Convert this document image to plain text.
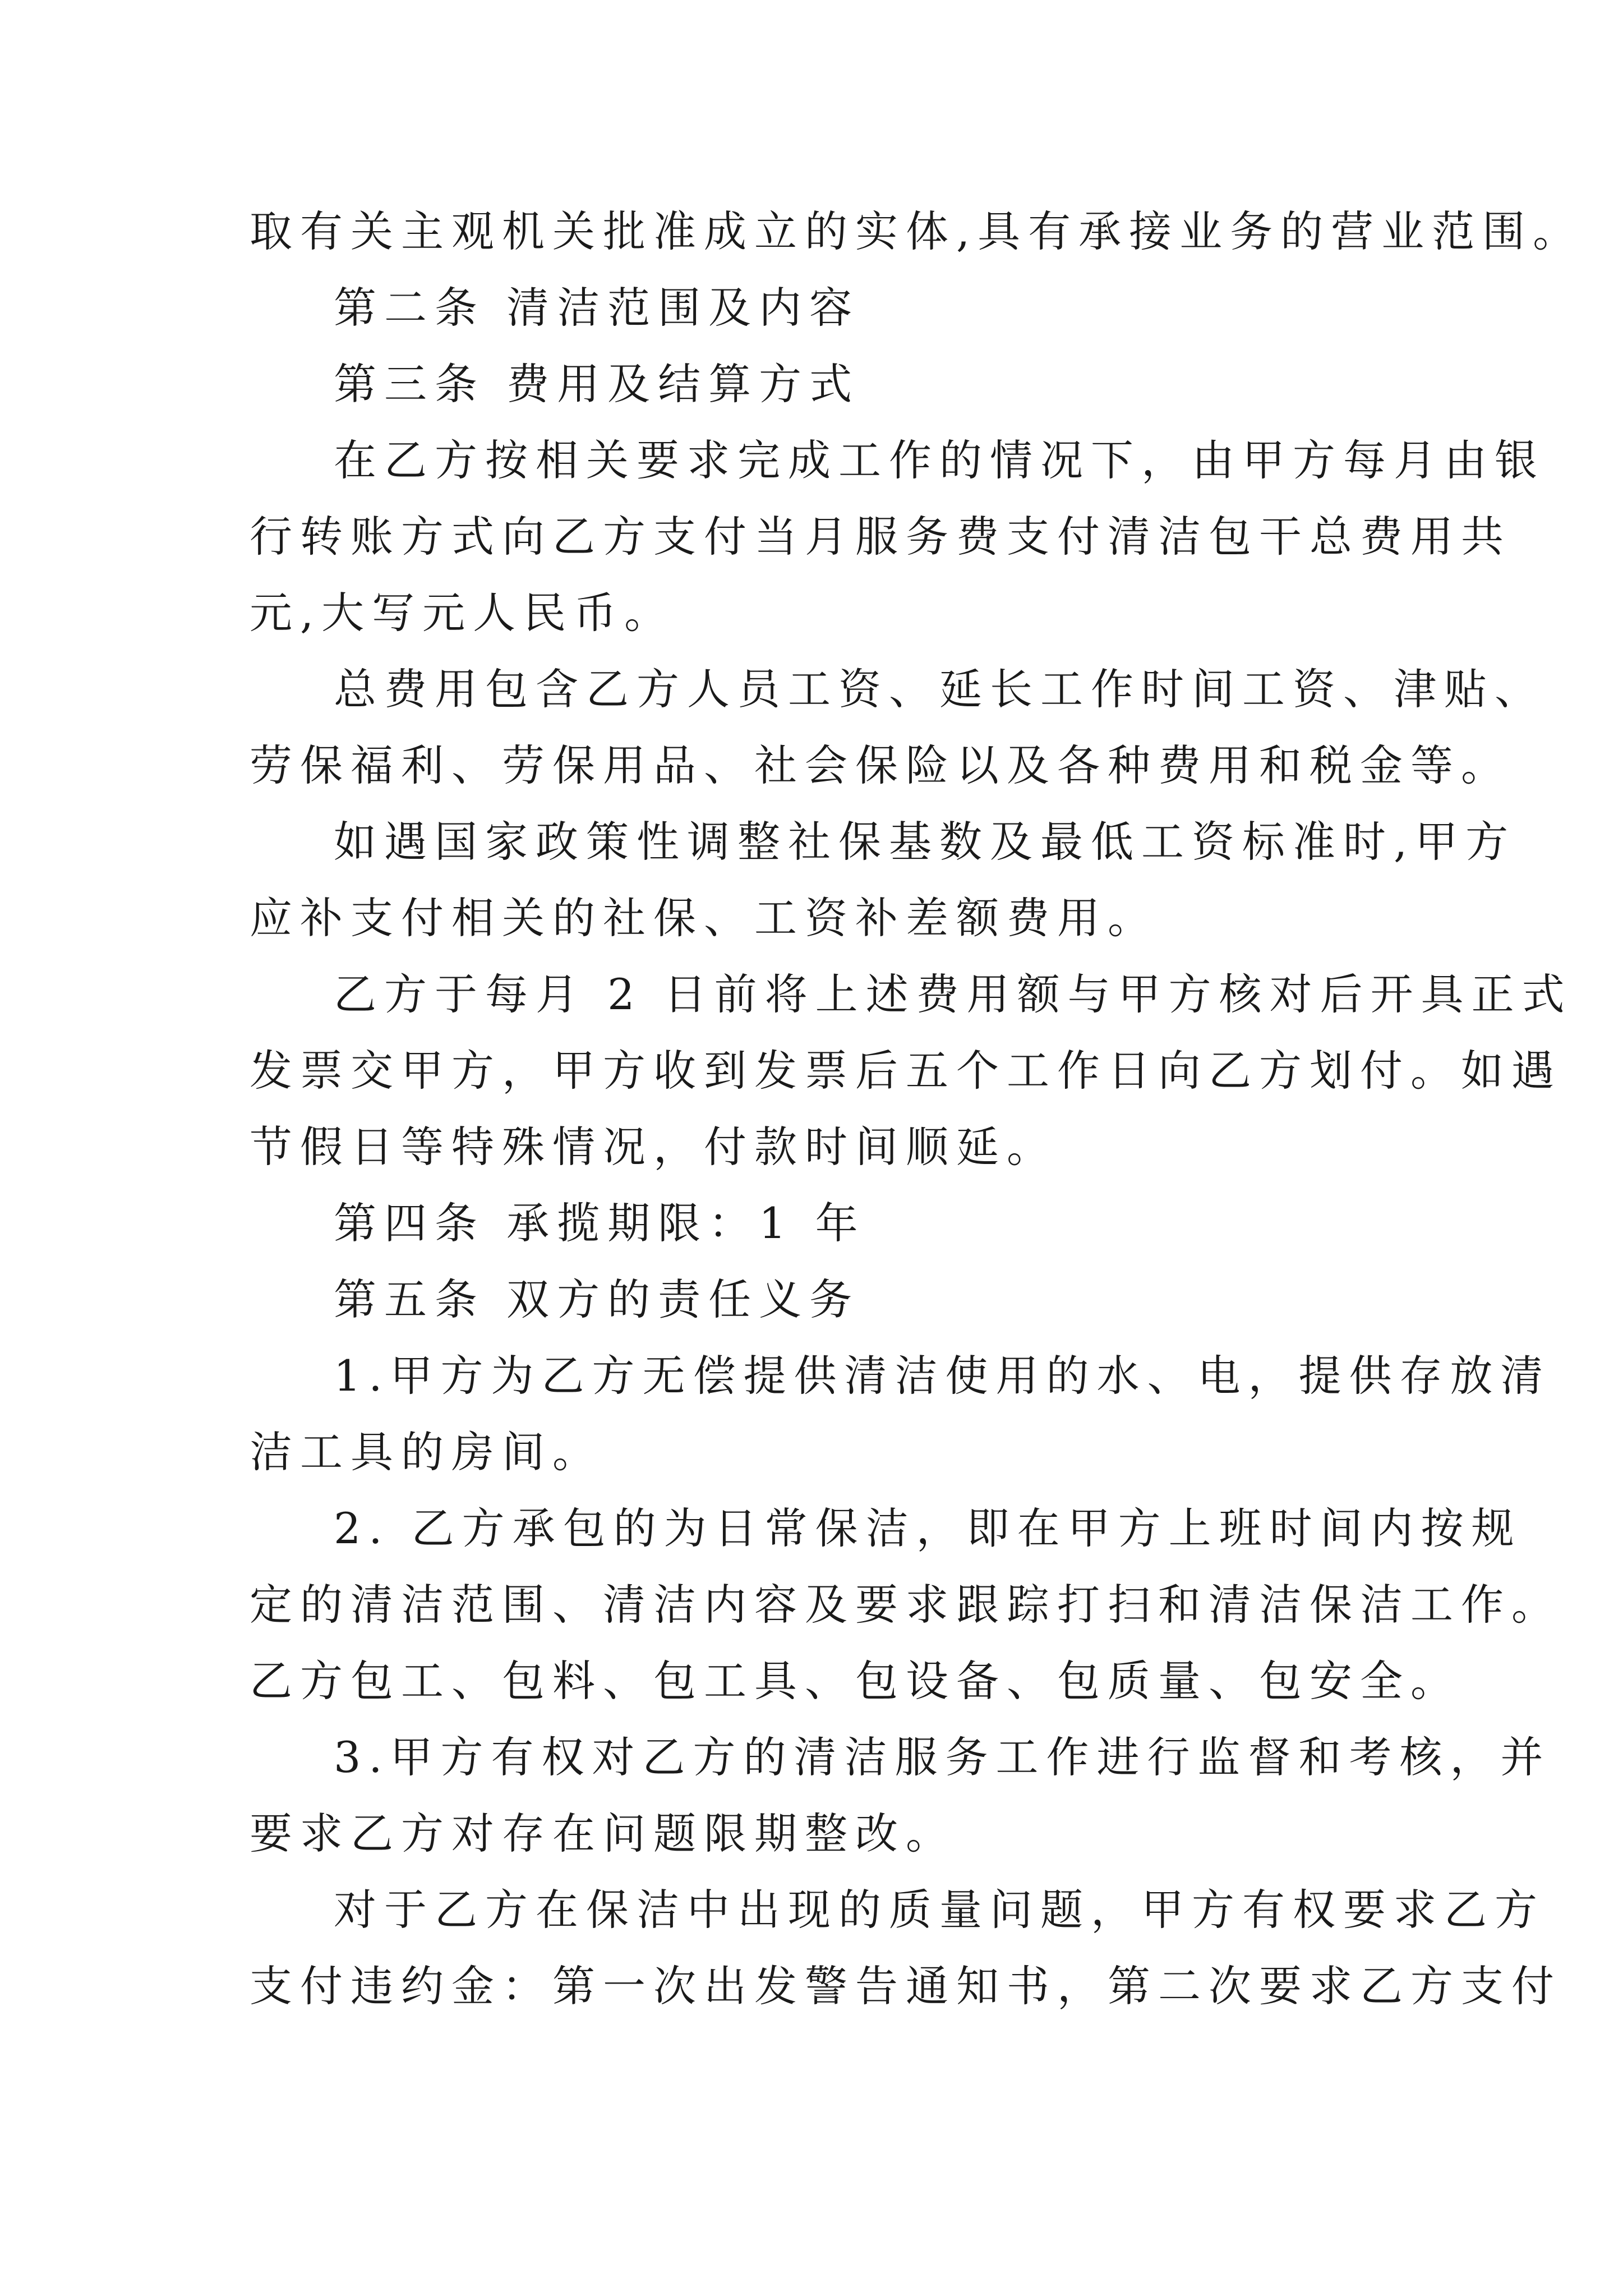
取有关主观机关批准成立的实体,具有承接业务的营业范围。

第二条 清洁范围及内容

第三条 费用及结算方式

在乙方按相关要求完成工作的情况下，由甲方每月由银

行转账方式向乙方支付当月服务费支付清洁包干总费用共

元,大写元人民币。

总费用包含乙方人员工资、延长工作时间工资、津贴、

劳保福利、劳保用品、社会保险以及各种费用和税金等。

如遇国家政策性调整社保基数及最低工资标准时,甲方

应补支付相关的社保、工资补差额费用。

乙方于每月 2 日前将上述费用额与甲方核对后开具正式

发票交甲方，甲方收到发票后五个工作日向乙方划付。如遇

节假日等特殊情况，付款时间顺延。

第四条 承揽期限：1 年

第五条 双方的责任义务

1.甲方为乙方无偿提供清洁使用的水、电，提供存放清

洁工具的房间。

2. 乙方承包的为日常保洁，即在甲方上班时间内按规

定的清洁范围、清洁内容及要求跟踪打扫和清洁保洁工作。

乙方包工、包料、包工具、包设备、包质量、包安全。

3.甲方有权对乙方的清洁服务工作进行监督和考核，并

要求乙方对存在问题限期整改。

对于乙方在保洁中出现的质量问题，甲方有权要求乙方

支付违约金：第一次出发警告通知书，第二次要求乙方支付
